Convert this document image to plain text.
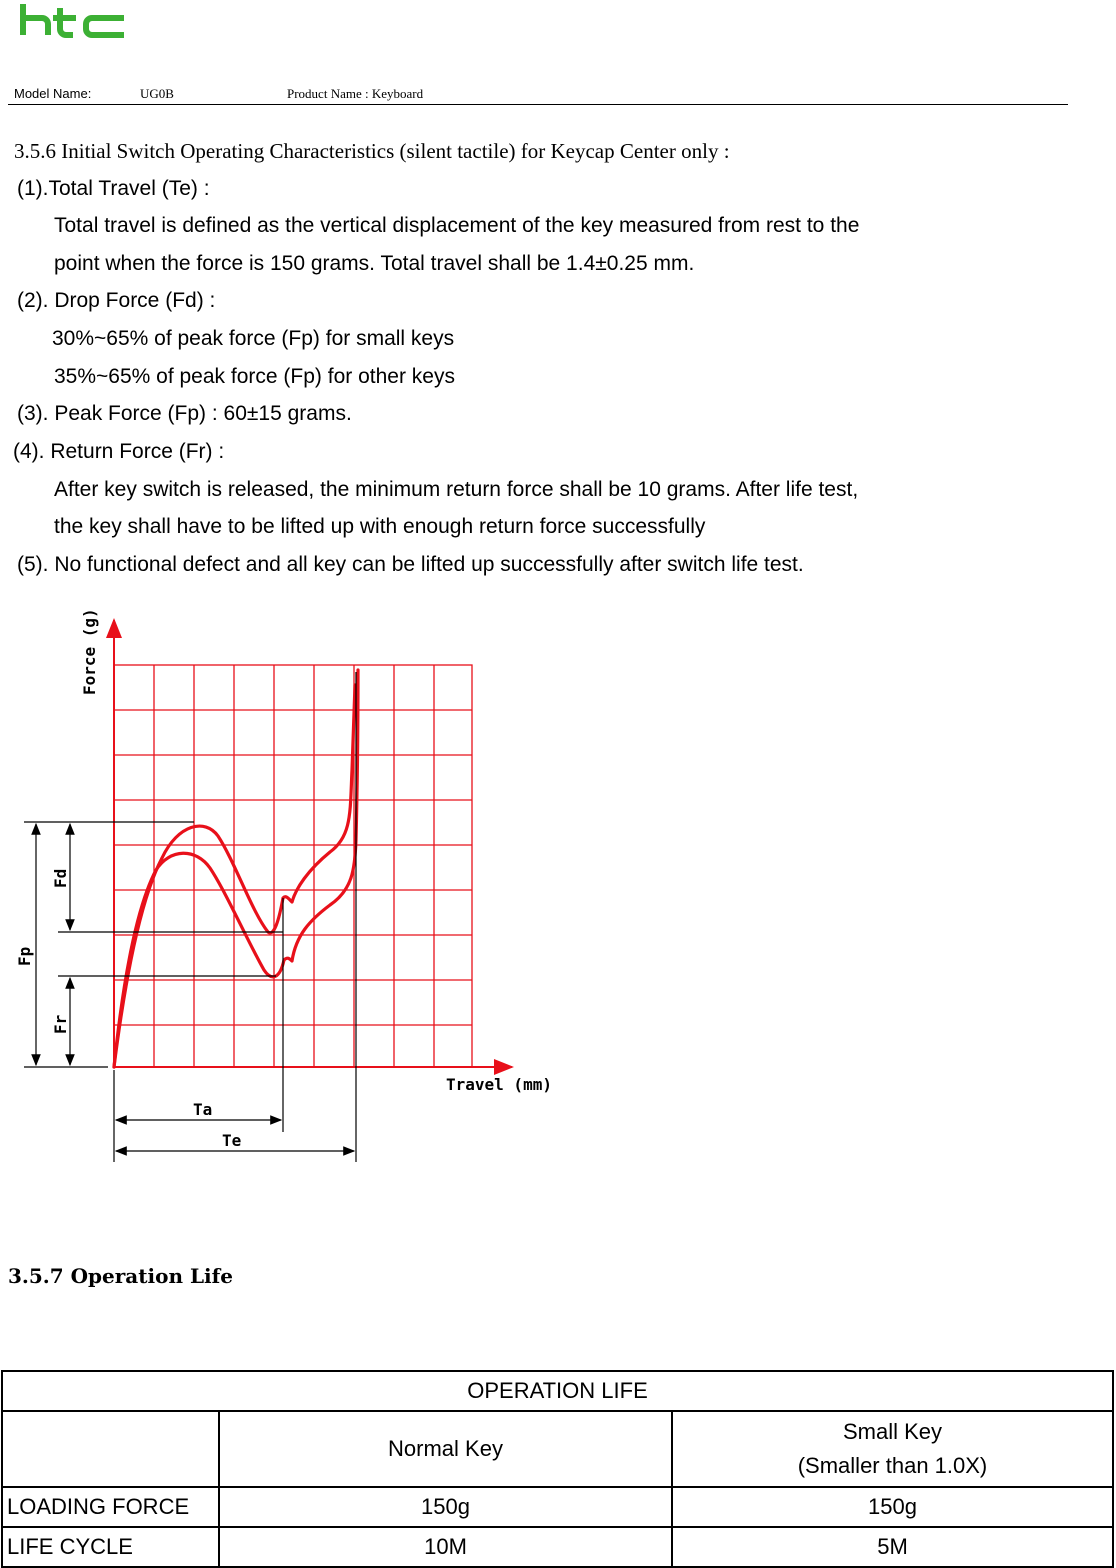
Model Name:	UG0B	Product Name : Keyboard
3.5.6 Initial Switch Operating Characteristics (silent tactile) for Keycap Center only :
(1).Total Travel (Te) :
Total travel is defined as the vertical displacement of the key measured from rest to the
point when the force is 150 grams. Total travel shall be 1.4±0.25 mm.
(2). Drop Force (Fd) :
30%~65% of peak force (Fp) for small keys
35%~65% of peak force (Fp) for other keys
(3). Peak Force (Fp) : 60±15 grams.
(4). Return Force (Fr) :
After key switch is released, the minimum return force shall be 10 grams. After life test,
the key shall have to be lifted up with enough return force successfully
(5). No functional defect and all key can be lifted up successfully after switch life test.
Force (g)
Travel (mm)
Fd
Fp
Fr
Ta
Te
3.5.7 Operation Life
OPERATION LIFE		
	Normal Key	Small Key
(Smaller than 1.0X)

LOADING FORCE	150g	150g
LIFE CYCLE	10M	5M
